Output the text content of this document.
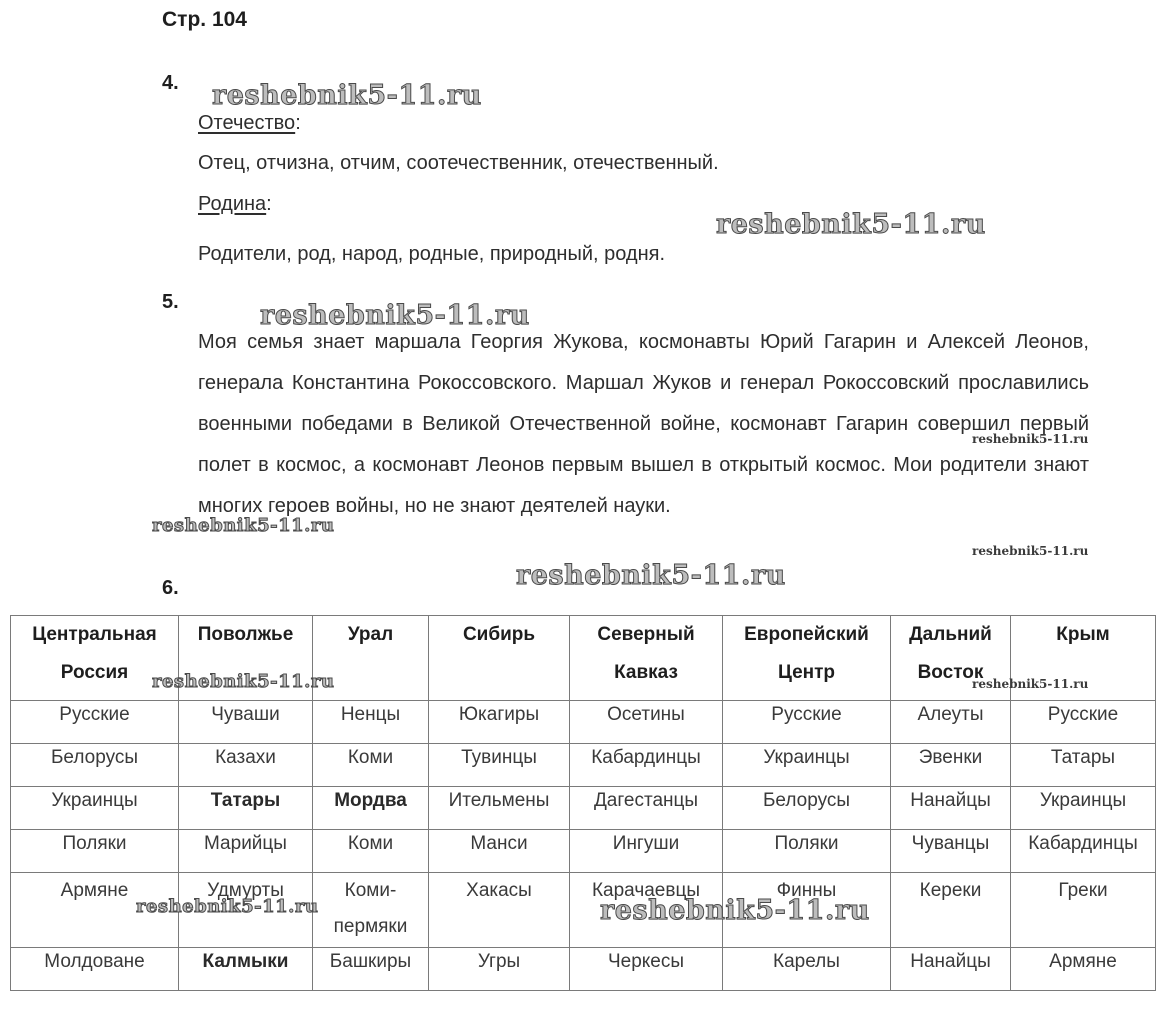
Стр. 104
4.
Отечество:
Отец, отчизна, отчим, соотечественник, отечественный.
Родина:
Родители, род, народ, родные, природный, родня.
5.
Моя семья знает маршала Георгия Жукова, космонавты Юрий Гагарин и Алексей Леонов, генерала Константина Рокоссовского. Маршал Жуков и генерал Рокоссовский прославились военными победами в Великой Отечественной войне, космонавт Гагарин совершил первый полет в космос, а космонавт Леонов первым вышел в открытый космос. Мои родители знают многих героев войны, но не знают деятелей науки.
6.
Центральная Россия	Поволжье	Урал	Сибирь	Северный Кавказ	Европейский Центр	Дальний Восток	Крым
Русские	Чуваши	Ненцы	Юкагиры	Осетины	Русские	Алеуты	Русские
Белорусы	Казахи	Коми	Тувинцы	Кабардинцы	Украинцы	Эвенки	Татары
Украинцы	Татары	Мордва	Ительмены	Дагестанцы	Белорусы	Нанайцы	Украинцы
Поляки	Марийцы	Коми	Манси	Ингуши	Поляки	Чуванцы	Кабардинцы
Армяне	Удмурты	Коми-пермяки	Хакасы	Карачаевцы	Финны	Кереки	Греки
Молдоване	Калмыки	Башкиры	Угры	Черкесы	Карелы	Нанайцы	Армяне
reshebnik5-11.ru
reshebnik5-11.ru
reshebnik5-11.ru
reshebnik5-11.ru
reshebnik5-11.ru
reshebnik5-11.ru
reshebnik5-11.ru
reshebnik5-11.ru	reshebnik5-11.ru
reshebnik5-11.ru	reshebnik5-11.ru
